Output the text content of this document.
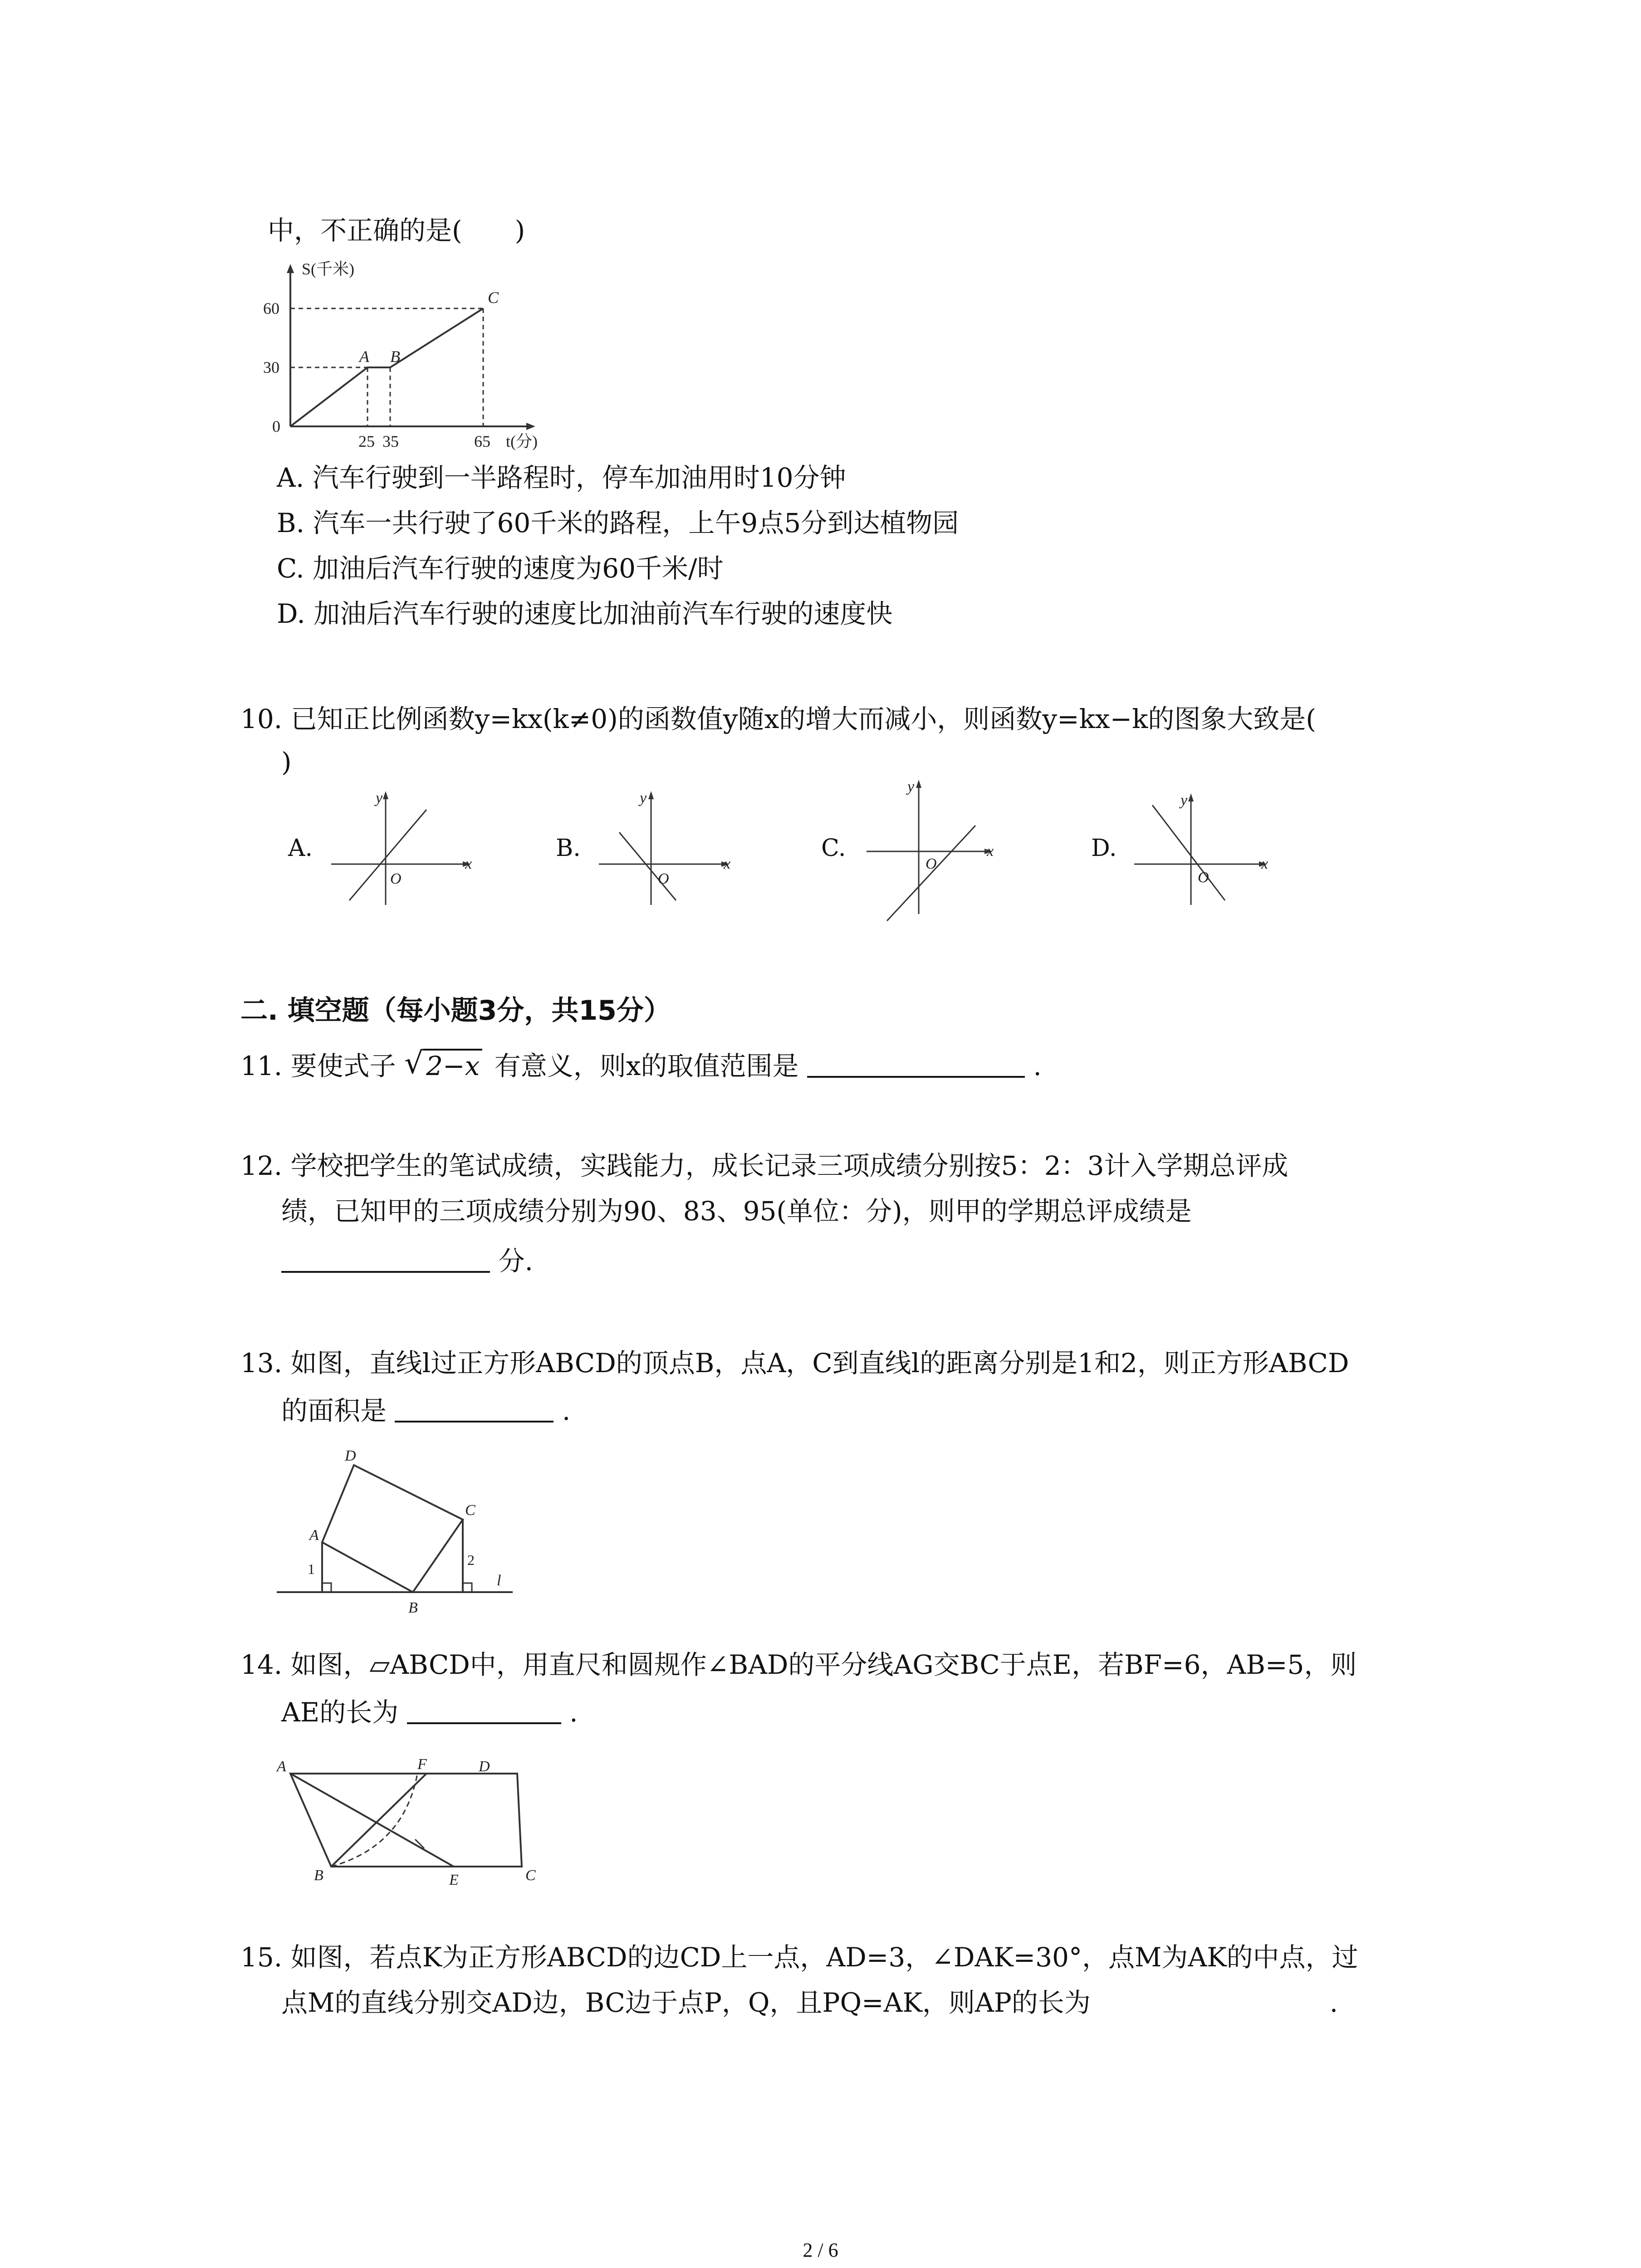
中，不正确的是(　　)
S(千米)
60
30
0
25 35	65 t(分)
A B
C
A. 汽车行驶到一半路程时，停车加油用时10分钟
B. 汽车一共行驶了60千米的路程，上午9点5分到达植物园
C. 加油后汽车行驶的速度为60千米/时
D. 加油后汽车行驶的速度比加油前汽车行驶的速度快
10. 已知正比例函数y=kx(k≠0)的函数值y随x的增大而减小，则函数y=kx−k的图象大致是(
)
A.
y
x
O
B.
y
x
O
C.
y
x
O
D.
y
x
O
二. 填空题（每小题3分，共15分）
11. 要使式子 √ 2−x 有意义，则x的取值范围是	.
12. 学校把学生的笔试成绩，实践能力，成长记录三项成绩分别按5：2：3计入学期总评成
绩，已知甲的三项成绩分别为90、83、95(单位：分)，则甲的学期总评成绩是
分.
13. 如图，直线l过正方形ABCD的顶点B，点A，C到直线l的距离分别是1和2，则正方形ABCD
的面积是	.
A
B
C
D
l
1
2
14. 如图，▱ABCD中，用直尺和圆规作∠BAD的平分线AG交BC于点E，若BF=6，AB=5，则
AE的长为	.
A	F	D
B	E	C
15. 如图，若点K为正方形ABCD的边CD上一点，AD=3，∠DAK=30°，点M为AK的中点，过
点M的直线分别交AD边，BC边于点P，Q，且PQ=AK，则AP的长为	.
2 / 6
